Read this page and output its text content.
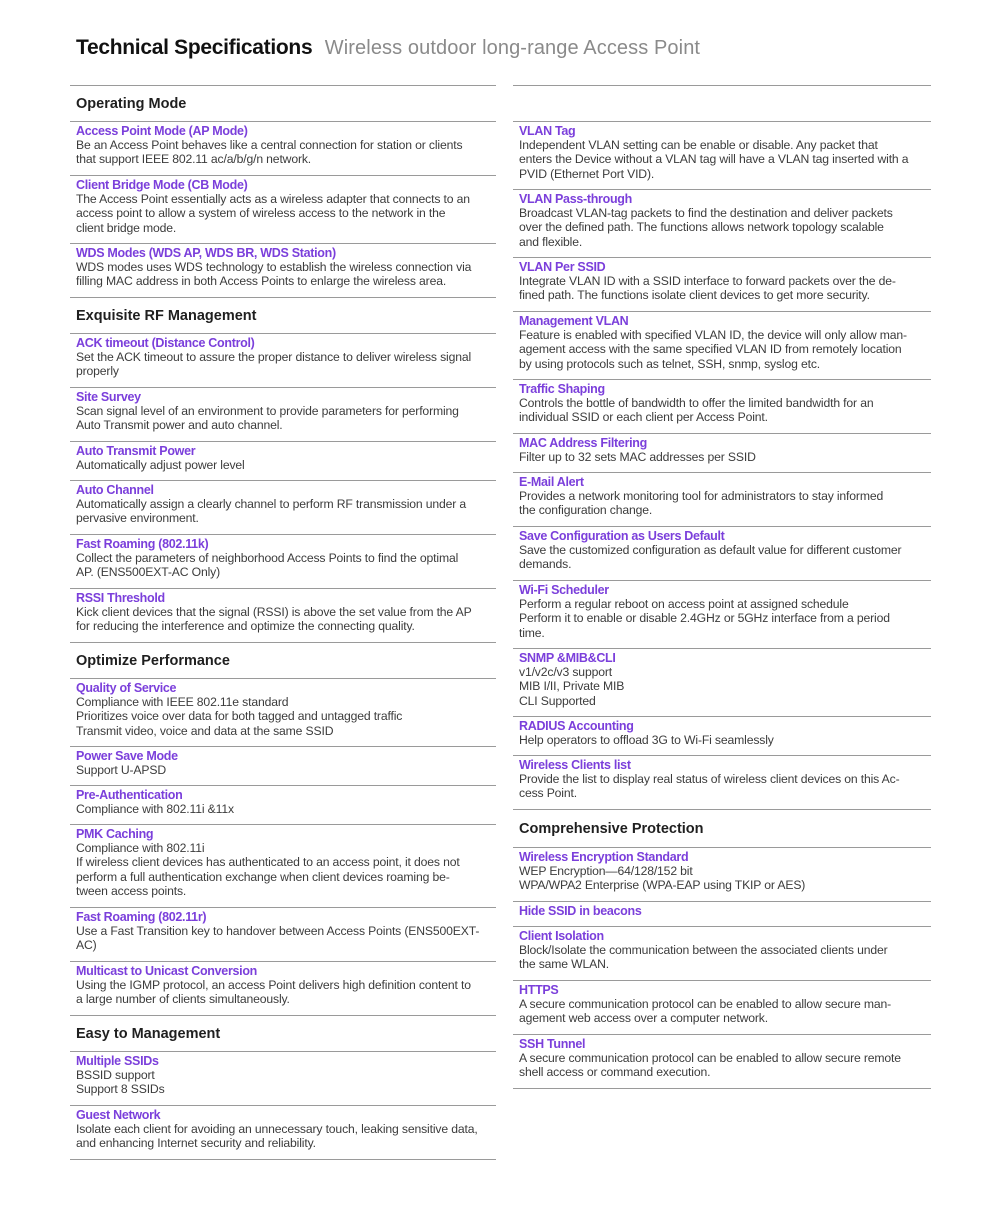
Technical Specifications Wireless outdoor long-range Access Point
Operating Mode
Access Point Mode (AP Mode)
Be an Access Point behaves like a central connection for station or clients
that support IEEE 802.11 ac/a/b/g/n network.
Client Bridge Mode (CB Mode)
The Access Point essentially acts as a wireless adapter that connects to an
access point to allow a system of wireless access to the network in the
client bridge mode.
WDS Modes (WDS AP, WDS BR, WDS Station)
WDS modes uses WDS technology to establish the wireless connection via
filling MAC address in both Access Points to enlarge the wireless area.
Exquisite RF Management
ACK timeout (Distance Control)
Set the ACK timeout to assure the proper distance to deliver wireless signal
properly
Site Survey
Scan signal level of an environment to provide parameters for performing
Auto Transmit power and auto channel.
Auto Transmit Power
Automatically adjust power level
Auto Channel
Automatically assign a clearly channel to perform RF transmission under a
pervasive environment.
Fast Roaming (802.11k)
Collect the parameters of neighborhood Access Points to find the optimal
AP. (ENS500EXT-AC Only)
RSSI Threshold
Kick client devices that the signal (RSSI) is above the set value from the AP
for reducing the interference and optimize the connecting quality.
Optimize Performance
Quality of Service
Compliance with IEEE 802.11e standard
Prioritizes voice over data for both tagged and untagged traffic
Transmit video, voice and data at the same SSID
Power Save Mode
Support U-APSD
Pre-Authentication
Compliance with 802.11i &11x
PMK Caching
Compliance with 802.11i
If wireless client devices has authenticated to an access point, it does not
perform a full authentication exchange when client devices roaming be-
tween access points.
Fast Roaming (802.11r)
Use a Fast Transition key to handover between Access Points (ENS500EXT-
AC)
Multicast to Unicast Conversion
Using the IGMP protocol, an access Point delivers high definition content to
a large number of clients simultaneously.
Easy to Management
Multiple SSIDs
BSSID support
Support 8 SSIDs
Guest Network
Isolate each client for avoiding an unnecessary touch, leaking sensitive data,
and enhancing Internet security and reliability.
VLAN Tag
Independent VLAN setting can be enable or disable. Any packet that
enters the Device without a VLAN tag will have a VLAN tag inserted with a
PVID (Ethernet Port VID).
VLAN Pass-through
Broadcast VLAN-tag packets to find the destination and deliver packets
over the defined path. The functions allows network topology scalable
and flexible.
VLAN Per SSID
Integrate VLAN ID with a SSID interface to forward packets over the de-
fined path. The functions isolate client devices to get more security.
Management VLAN
Feature is enabled with specified VLAN ID, the device will only allow man-
agement access with the same specified VLAN ID from remotely location
by using protocols such as telnet, SSH, snmp, syslog etc.
Traffic Shaping
Controls the bottle of bandwidth to offer the limited bandwidth for an
individual SSID or each client per Access Point.
MAC Address Filtering
Filter up to 32 sets MAC addresses per SSID
E-Mail Alert
Provides a network monitoring tool for administrators to stay informed
the configuration change.
Save Configuration as Users Default
Save the customized configuration as default value for different customer
demands.
Wi-Fi Scheduler
Perform a regular reboot on access point at assigned schedule
Perform it to enable or disable 2.4GHz or 5GHz interface from a period
time.
SNMP &MIB&CLI
v1/v2c/v3 support
MIB I/II, Private MIB
CLI Supported
RADIUS Accounting
Help operators to offload 3G to Wi-Fi seamlessly
Wireless Clients list
Provide the list to display real status of wireless client devices on this Ac-
cess Point.
Comprehensive Protection
Wireless Encryption Standard
WEP Encryption—64/128/152 bit
WPA/WPA2 Enterprise (WPA-EAP using TKIP or AES)
Hide SSID in beacons
Client Isolation
Block/Isolate the communication between the associated clients under
the same WLAN.
HTTPS
A secure communication protocol can be enabled to allow secure man-
agement web access over a computer network.
SSH Tunnel
A secure communication protocol can be enabled to allow secure remote
shell access or command execution.
